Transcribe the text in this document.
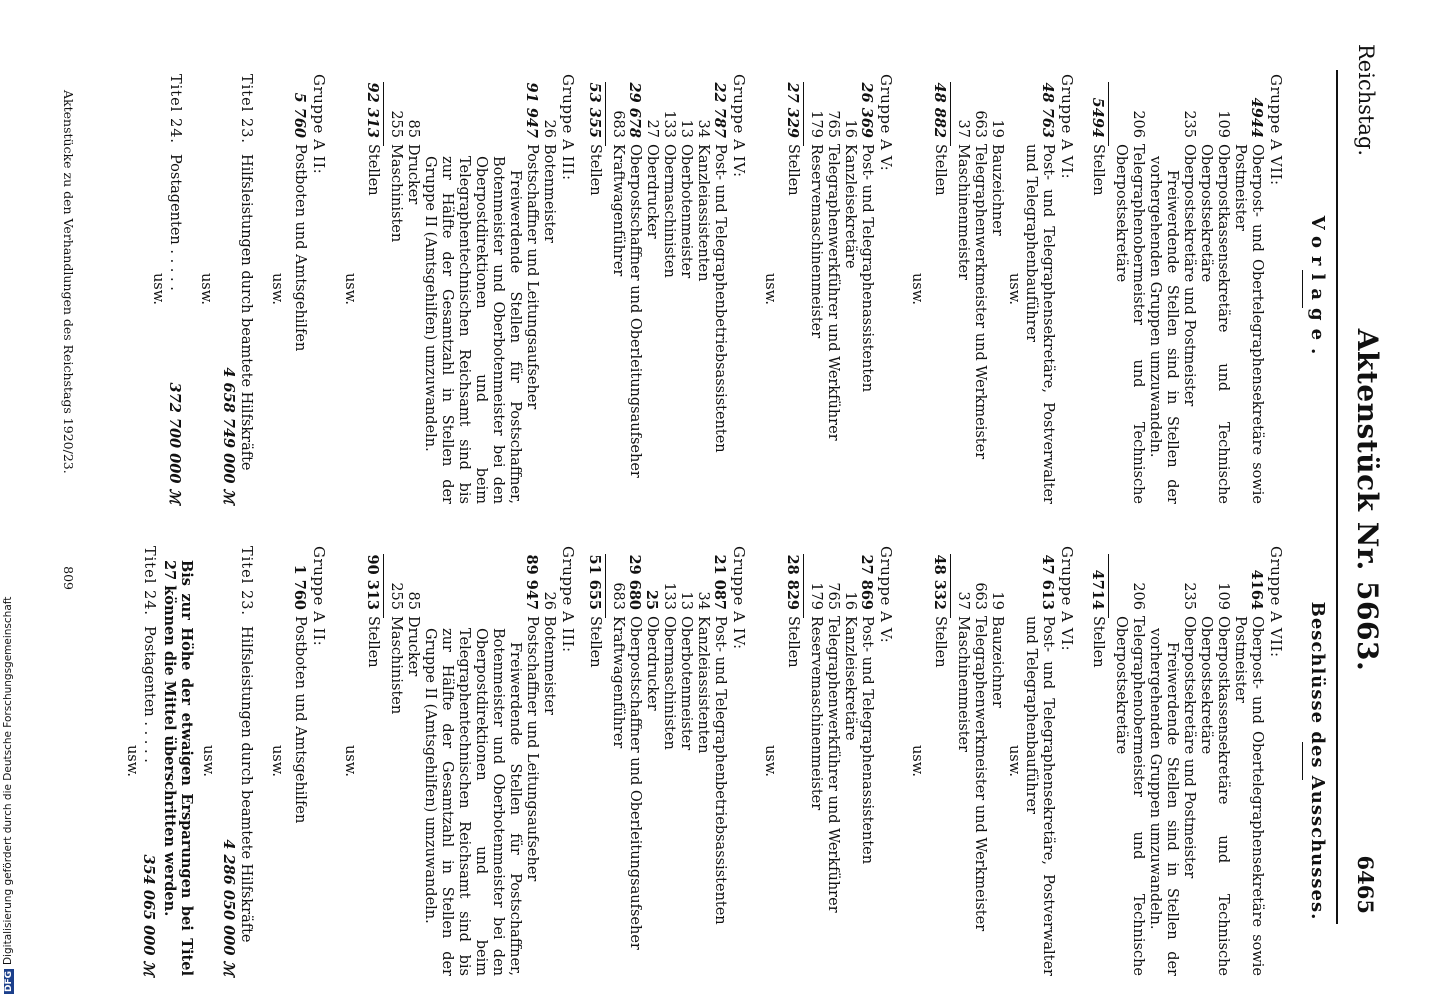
Reichstag.
Aktenstück Nr. 5663.
6465
Vorlage.
Gruppe A VII:
4944
Oberpost- und Obertelegraphensekretäre sowie Postmeister
109
Oberpostkassensekretäre und Technische Oberpostsekretäre
235
Oberpostsekretäre und Postmeister
Freiwerdende Stellen sind in Stellen der vorhergehenden Gruppen umzuwandeln.
206
Telegraphenobermeister und Technische Oberpostsekretäre
5494
Stellen
Gruppe A VI:
48 763
Post- und Telegraphensekretäre, Postverwalter und Telegraphenbauführer
usw.
19
Bauzeichner
663
Telegraphenwerkmeister und Werkmeister
37
Maschinenmeister
48 882
Stellen
usw.
Gruppe A V:
26 369
Post- und Telegraphenassistenten
16
Kanzleisekretäre
765
Telegraphenwerkführer und Werkführer
179
Reservemaschinenmeister
27 329
Stellen
usw.
Gruppe A IV:
22 787
Post- und Telegraphenbetriebsassistenten
34
Kanzleiassistenten
13
Oberbotenmeister
133
Obermaschinisten
27
Oberdrucker
29 678
Oberpostschaffner und Oberleitungsaufseher
683
Kraftwagenführer
53 355
Stellen
Gruppe A III:
26
Botenmeister
91 947
Postschaffner und Leitungsaufseher
Freiwerdende Stellen für Postschaffner, Botenmeister und Oberbotenmeister bei den Oberpostdirektionen und beim Telegraphentechnischen Reichsamt sind bis zur Hälfte der Gesamtzahl in Stellen der Gruppe II (Amtsgehilfen) umzuwandeln.
85
Drucker
255
Maschinisten
92 313
Stellen
usw.
Gruppe A II:
5 760
Postboten und Amtsgehilfen
usw.
Titel 23.
Hilfsleistungen durch beamtete Hilfskräfte
4 658 749 000 ℳ
usw.
Titel 24.
Postagenten . . . . .
372 700 000 ℳ
usw.
Beschlüsse des Ausschusses.
Gruppe A VII:
4164
Oberpost- und Obertelegraphensekretäre sowie Postmeister
109
Oberpostkassensekretäre und Technische Oberpostsekretäre
235
Oberpostsekretäre und Postmeister
Freiwerdende Stellen sind in Stellen der vorhergehenden Gruppen umzuwandeln.
206
Telegraphenobermeister und Technische Oberpostsekretäre
4714
Stellen
Gruppe A VI:
47 613
Post- und Telegraphensekretäre, Postverwalter und Telegraphenbauführer
usw.
19
Bauzeichner
663
Telegraphenwerkmeister und Werkmeister
37
Maschinenmeister
48 332
Stellen
usw.
Gruppe A V:
27 869
Post- und Telegraphenassistenten
16
Kanzleisekretäre
765
Telegraphenwerkführer und Werkführer
179
Reservemaschinenmeister
28 829
Stellen
usw.
Gruppe A IV:
21 087
Post- und Telegraphenbetriebsassistenten
34
Kanzleiassistenten
13
Oberbotenmeister
133
Obermaschinisten
25
Oberdrucker
29 680
Oberpostschaffner und Oberleitungsaufseher
683
Kraftwagenführer
51 655
Stellen
Gruppe A III:
26
Botenmeister
89 947
Postschaffner und Leitungsaufseher
Freiwerdende Stellen für Postschaffner, Botenmeister und Oberbotenmeister bei den Oberpostdirektionen und beim Telegraphentechnischen Reichsamt sind bis zur Hälfte der Gesamtzahl in Stellen der Gruppe II (Amtsgehilfen) umzuwandeln.
85
Drucker
255
Maschinisten
90 313
Stellen
usw.
Gruppe A II:
1 760
Postboten und Amtsgehilfen
usw.
Titel 23.
Hilfsleistungen durch beamtete Hilfskräfte
4 286 050 000 ℳ
usw.
Bis zur Höhe der etwaigen Ersparungen bei Titel 27 können die Mittel überschritten werden.
Titel 24.
Postagenten . . . . .
354 065 000 ℳ
usw.
Aktenstücke zu den Verhandlungen des Reichstags 1920/23.
809
DFGDigitalisierung gefördert durch die Deutsche Forschungsgemeinschaft
